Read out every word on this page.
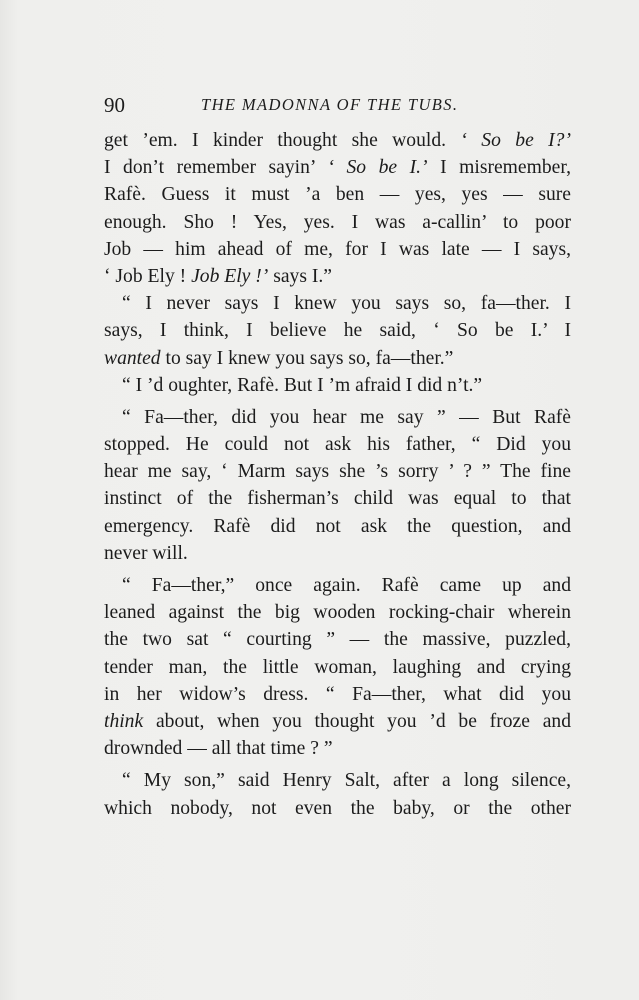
90	THE MADONNA OF THE TUBS.
get ’em. I kinder thought she would. ‘ So be I?’
I don’t remember sayin’ ‘ So be I.’ I misremember,
Rafè. Guess it must ’a ben — yes, yes — sure
enough. Sho ! Yes, yes. I was a-callin’ to poor
Job — him ahead of me, for I was late — I says,
‘ Job Ely ! Job Ely !’ says I.”
“ I never says I knew you says so, fa—ther. I
says, I think, I believe he said, ‘ So be I.’ I
wanted to say I knew you says so, fa—ther.”
“ I ’d oughter, Rafè. But I ’m afraid I did n’t.”
“ Fa—ther, did you hear me say ” — But Rafè
stopped. He could not ask his father, “ Did you
hear me say, ‘ Marm says she ’s sorry ’ ? ” The fine
instinct of the fisherman’s child was equal to that
emergency. Rafè did not ask the question, and
never will.
“ Fa—ther,” once again. Rafè came up and
leaned against the big wooden rocking-chair wherein
the two sat “ courting ” — the massive, puzzled,
tender man, the little woman, laughing and crying
in her widow’s dress. “ Fa—ther, what did you
think about, when you thought you ’d be froze and
drownded — all that time ? ”
“ My son,” said Henry Salt, after a long silence,
which nobody, not even the baby, or the other
